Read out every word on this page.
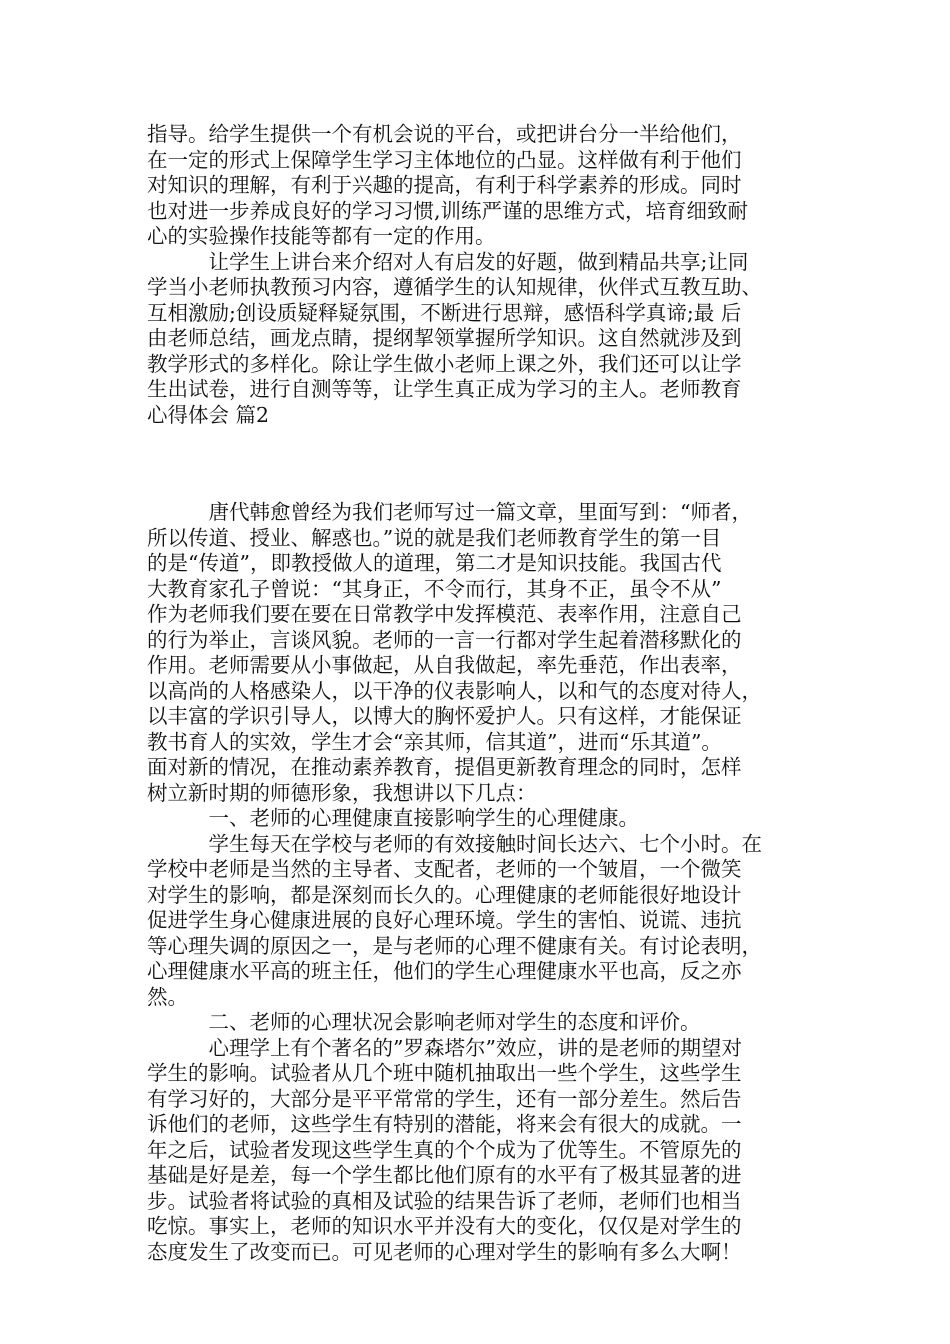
指导。给学生提供一个有机会说的平台，或把讲台分一半给他们，
在一定的形式上保障学生学习主体地位的凸显。这样做有利于他们
对知识的理解，有利于兴趣的提高，有利于科学素养的形成。同时
也对进一步养成良好的学习习惯,训练严谨的思维方式，培育细致耐
心的实验操作技能等都有一定的作用。
　　　让学生上讲台来介绍对人有启发的好题，做到精品共享;让同
学当小老师执教预习内容，遵循学生的认知规律，伙伴式互教互助、
互相激励;创设质疑释疑氛围，不断进行思辩，感悟科学真谛;最 后
由老师总结，画龙点睛，提纲挈领掌握所学知识。这自然就涉及到
教学形式的多样化。除让学生做小老师上课之外，我们还可以让学
生出试卷，进行自测等等，让学生真正成为学习的主人。老师教育
心得体会 篇2
　　　唐代韩愈曾经为我们老师写过一篇文章，里面写到：“师者，
所以传道、授业、解惑也。”说的就是我们老师教育学生的第一目
的是“传道”，即教授做人的道理，第二才是知识技能。我国古代
大教育家孔子曾说：“其身正，不令而行，其身不正，虽令不从”
作为老师我们要在要在日常教学中发挥模范、表率作用，注意自己
的行为举止，言谈风貌。老师的一言一行都对学生起着潜移默化的
作用。老师需要从小事做起，从自我做起，率先垂范，作出表率，
以高尚的人格感染人，以干净的仪表影响人，以和气的态度对待人，
以丰富的学识引导人，以博大的胸怀爱护人。只有这样，才能保证
教书育人的实效，学生才会“亲其师，信其道”，进而“乐其道”。
面对新的情况，在推动素养教育，提倡更新教育理念的同时，怎样
树立新时期的师德形象，我想讲以下几点：
　　　一、老师的心理健康直接影响学生的心理健康。
　　　学生每天在学校与老师的有效接触时间长达六、七个小时。在
学校中老师是当然的主导者、支配者，老师的一个皱眉，一个微笑
对学生的影响，都是深刻而长久的。心理健康的老师能很好地设计
促进学生身心健康进展的良好心理环境。学生的害怕、说谎、违抗
等心理失调的原因之一，是与老师的心理不健康有关。有讨论表明，
心理健康水平高的班主任，他们的学生心理健康水平也高，反之亦
然。
　　　二、老师的心理状况会影响老师对学生的态度和评价。
　　　心理学上有个著名的”罗森塔尔”效应，讲的是老师的期望对
学生的影响。试验者从几个班中随机抽取出一些个学生，这些学生
有学习好的，大部分是平平常常的学生，还有一部分差生。然后告
诉他们的老师，这些学生有特别的潜能，将来会有很大的成就。一
年之后，试验者发现这些学生真的个个成为了优等生。不管原先的
基础是好是差，每一个学生都比他们原有的水平有了极其显著的进
步。试验者将试验的真相及试验的结果告诉了老师，老师们也相当
吃惊。事实上，老师的知识水平并没有大的变化，仅仅是对学生的
态度发生了改变而已。可见老师的心理对学生的影响有多么大啊！
